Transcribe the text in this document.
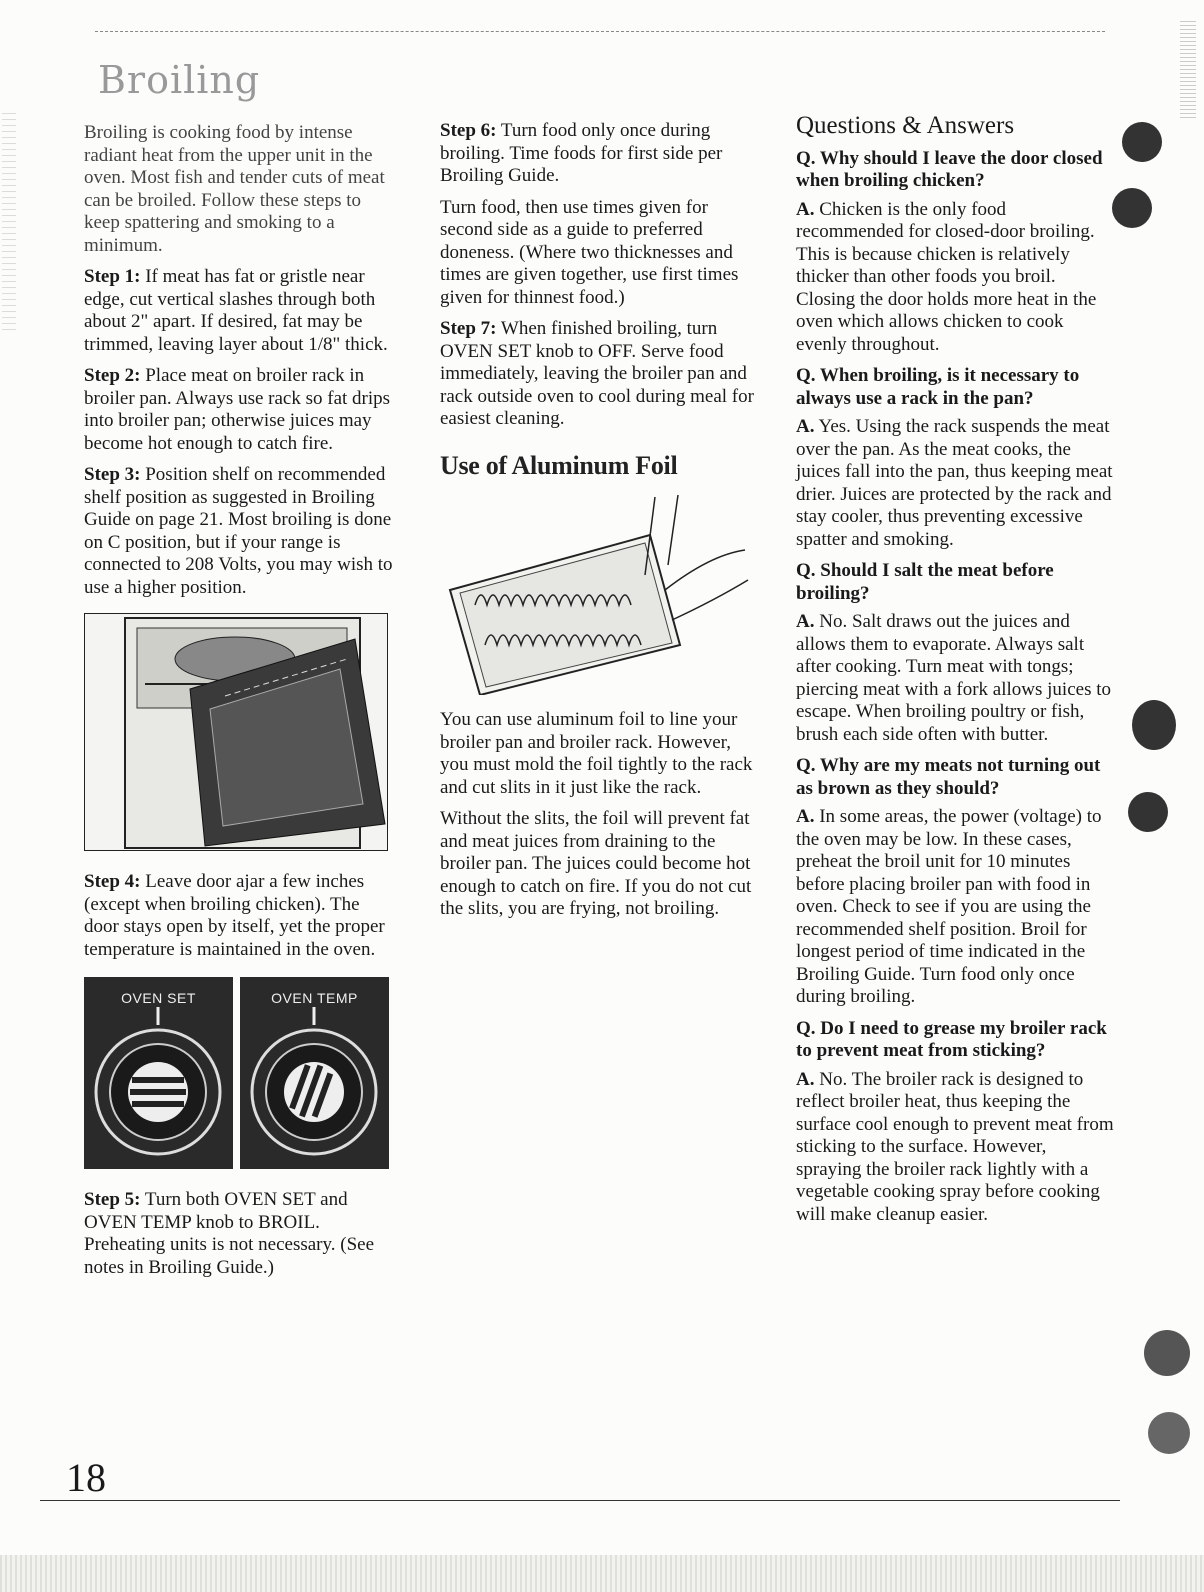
Broiling

Broiling is cooking food by intense radiant heat from the upper unit in the oven. Most fish and tender cuts of meat can be broiled. Follow these steps to keep spattering and smoking to a minimum.

Step 1: If meat has fat or gristle near edge, cut vertical slashes through both about 2" apart. If desired, fat may be trimmed, leaving layer about 1/8" thick.

Step 2: Place meat on broiler rack in broiler pan. Always use rack so fat drips into broiler pan; otherwise juices may become hot enough to catch fire.

Step 3: Position shelf on recommended shelf position as suggested in Broiling Guide on page 21. Most broiling is done on C position, but if your range is connected to 208 Volts, you may wish to use a higher position.

Step 4: Leave door ajar a few inches (except when broiling chicken). The door stays open by itself, yet the proper temperature is maintained in the oven.

OVEN SET	OVEN TEMP

Step 5: Turn both OVEN SET and OVEN TEMP knob to BROIL. Preheating units is not necessary. (See notes in Broiling Guide.)

Step 6: Turn food only once during broiling. Time foods for first side per Broiling Guide.

Turn food, then use times given for second side as a guide to preferred doneness. (Where two thicknesses and times are given together, use first times given for thinnest food.)

Step 7: When finished broiling, turn OVEN SET knob to OFF. Serve food immediately, leaving the broiler pan and rack outside oven to cool during meal for easiest cleaning.

Use of Aluminum Foil

You can use aluminum foil to line your broiler pan and broiler rack. However, you must mold the foil tightly to the rack and cut slits in it just like the rack.

Without the slits, the foil will prevent fat and meat juices from draining to the broiler pan. The juices could become hot enough to catch on fire. If you do not cut the slits, you are frying, not broiling.

Questions & Answers

Q. Why should I leave the door closed when broiling chicken?

A. Chicken is the only food recommended for closed-door broiling. This is because chicken is relatively thicker than other foods you broil. Closing the door holds more heat in the oven which allows chicken to cook evenly throughout.

Q. When broiling, is it necessary to always use a rack in the pan?

A. Yes. Using the rack suspends the meat over the pan. As the meat cooks, the juices fall into the pan, thus keeping meat drier. Juices are protected by the rack and stay cooler, thus preventing excessive spatter and smoking.

Q. Should I salt the meat before broiling?

A. No. Salt draws out the juices and allows them to evaporate. Always salt after cooking. Turn meat with tongs; piercing meat with a fork allows juices to escape. When broiling poultry or fish, brush each side often with butter.

Q. Why are my meats not turning out as brown as they should?

A. In some areas, the power (voltage) to the oven may be low. In these cases, preheat the broil unit for 10 minutes before placing broiler pan with food in oven. Check to see if you are using the recommended shelf position. Broil for longest period of time indicated in the Broiling Guide. Turn food only once during broiling.

Q. Do I need to grease my broiler rack to prevent meat from sticking?

A. No. The broiler rack is designed to reflect broiler heat, thus keeping the surface cool enough to prevent meat from sticking to the surface. However, spraying the broiler rack lightly with a vegetable cooking spray before cooking will make cleanup easier.

18
